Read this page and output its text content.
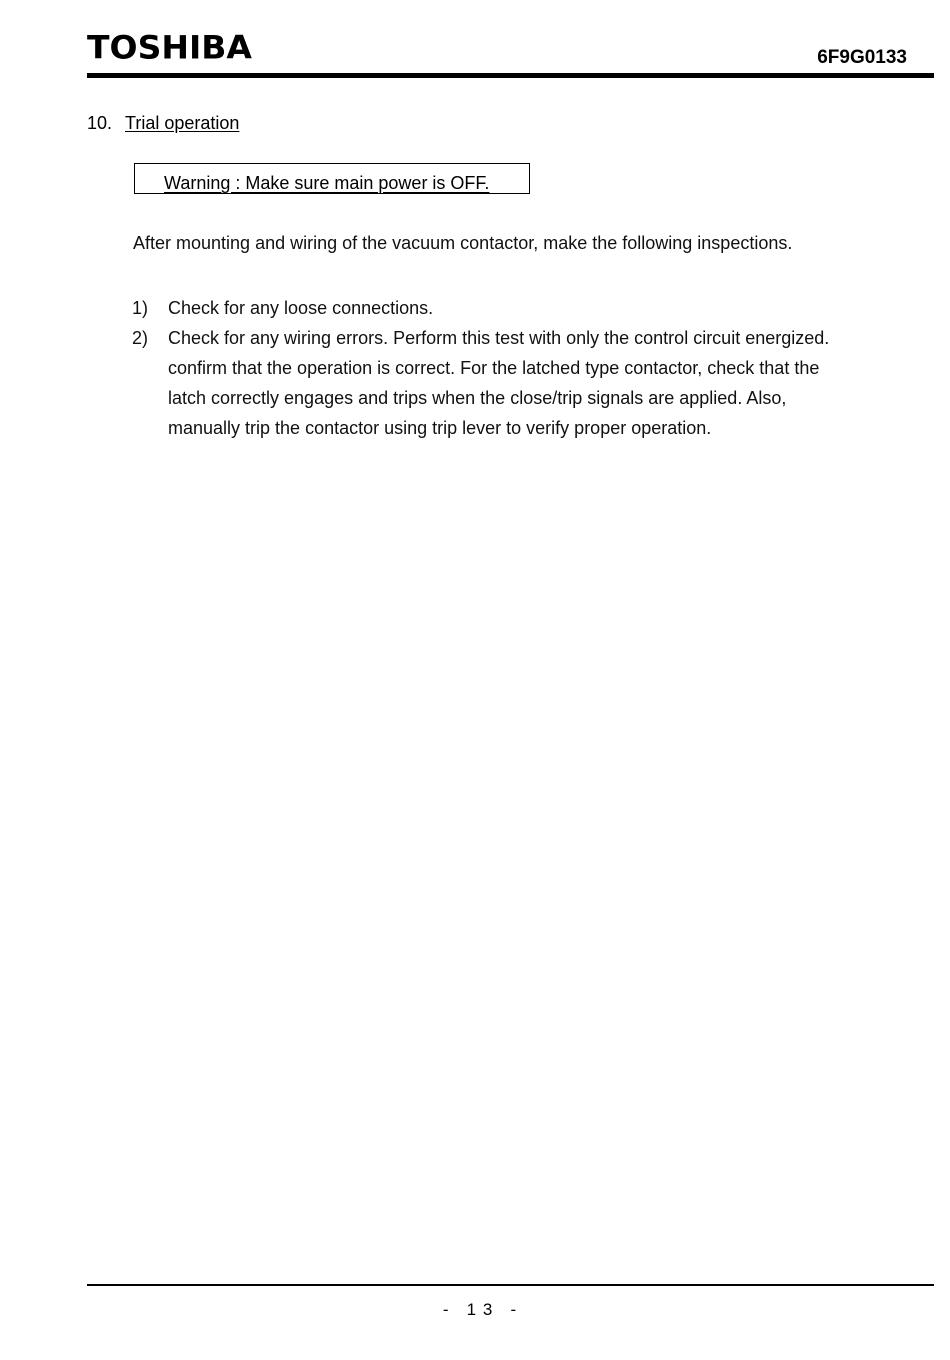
TOSHIBA	6F9G0133
10. Trial operation
Warning : Make sure main power is OFF.
After mounting and wiring of the vacuum contactor, make the following inspections.
1) Check for any loose connections.
2) Check for any wiring errors. Perform this test with only the control circuit energized.
confirm that the operation is correct. For the latched type contactor, check that the
latch correctly engages and trips when the close/trip signals are applied. Also,
manually trip the contactor using trip lever to verify proper operation.
-   1 3   -
